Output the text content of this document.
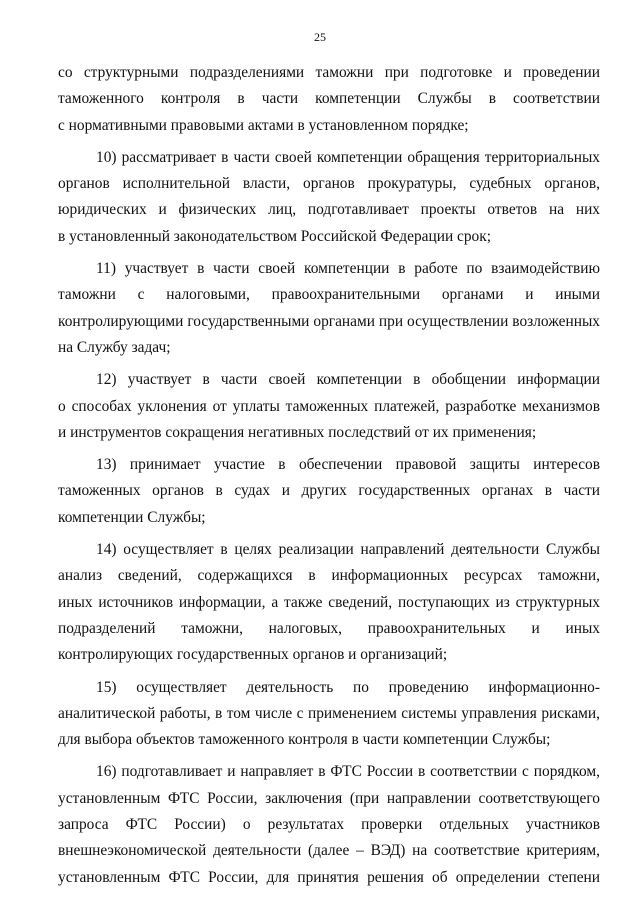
25
со структурными подразделениями таможни при подготовке и проведении
таможенного контроля в части компетенции Службы в соответствии
с нормативными правовыми актами в установленном порядке;
10) рассматривает в части своей компетенции обращения территориальных
органов исполнительной власти, органов прокуратуры, судебных органов,
юридических и физических лиц, подготавливает проекты ответов на них
в установленный законодательством Российской Федерации срок;
11) участвует в части своей компетенции в работе по взаимодействию
таможни с налоговыми, правоохранительными органами и иными
контролирующими государственными органами при осуществлении возложенных
на Службу задач;
12) участвует в части своей компетенции в обобщении информации
о способах уклонения от уплаты таможенных платежей, разработке механизмов
и инструментов сокращения негативных последствий от их применения;
13) принимает участие в обеспечении правовой защиты интересов
таможенных органов в судах и других государственных органах в части
компетенции Службы;
14) осуществляет в целях реализации направлений деятельности Службы
анализ сведений, содержащихся в информационных ресурсах таможни,
иных источников информации, а также сведений, поступающих из структурных
подразделений таможни, налоговых, правоохранительных и иных
контролирующих государственных органов и организаций;
15) осуществляет деятельность по проведению информационно-
аналитической работы, в том числе с применением системы управления рисками,
для выбора объектов таможенного контроля в части компетенции Службы;
16) подготавливает и направляет в ФТС России в соответствии с порядком,
установленным ФТС России, заключения (при направлении соответствующего
запроса ФТС России) о результатах проверки отдельных участников
внешнеэкономической деятельности (далее – ВЭД) на соответствие критериям,
установленным ФТС России, для принятия решения об определении степени
